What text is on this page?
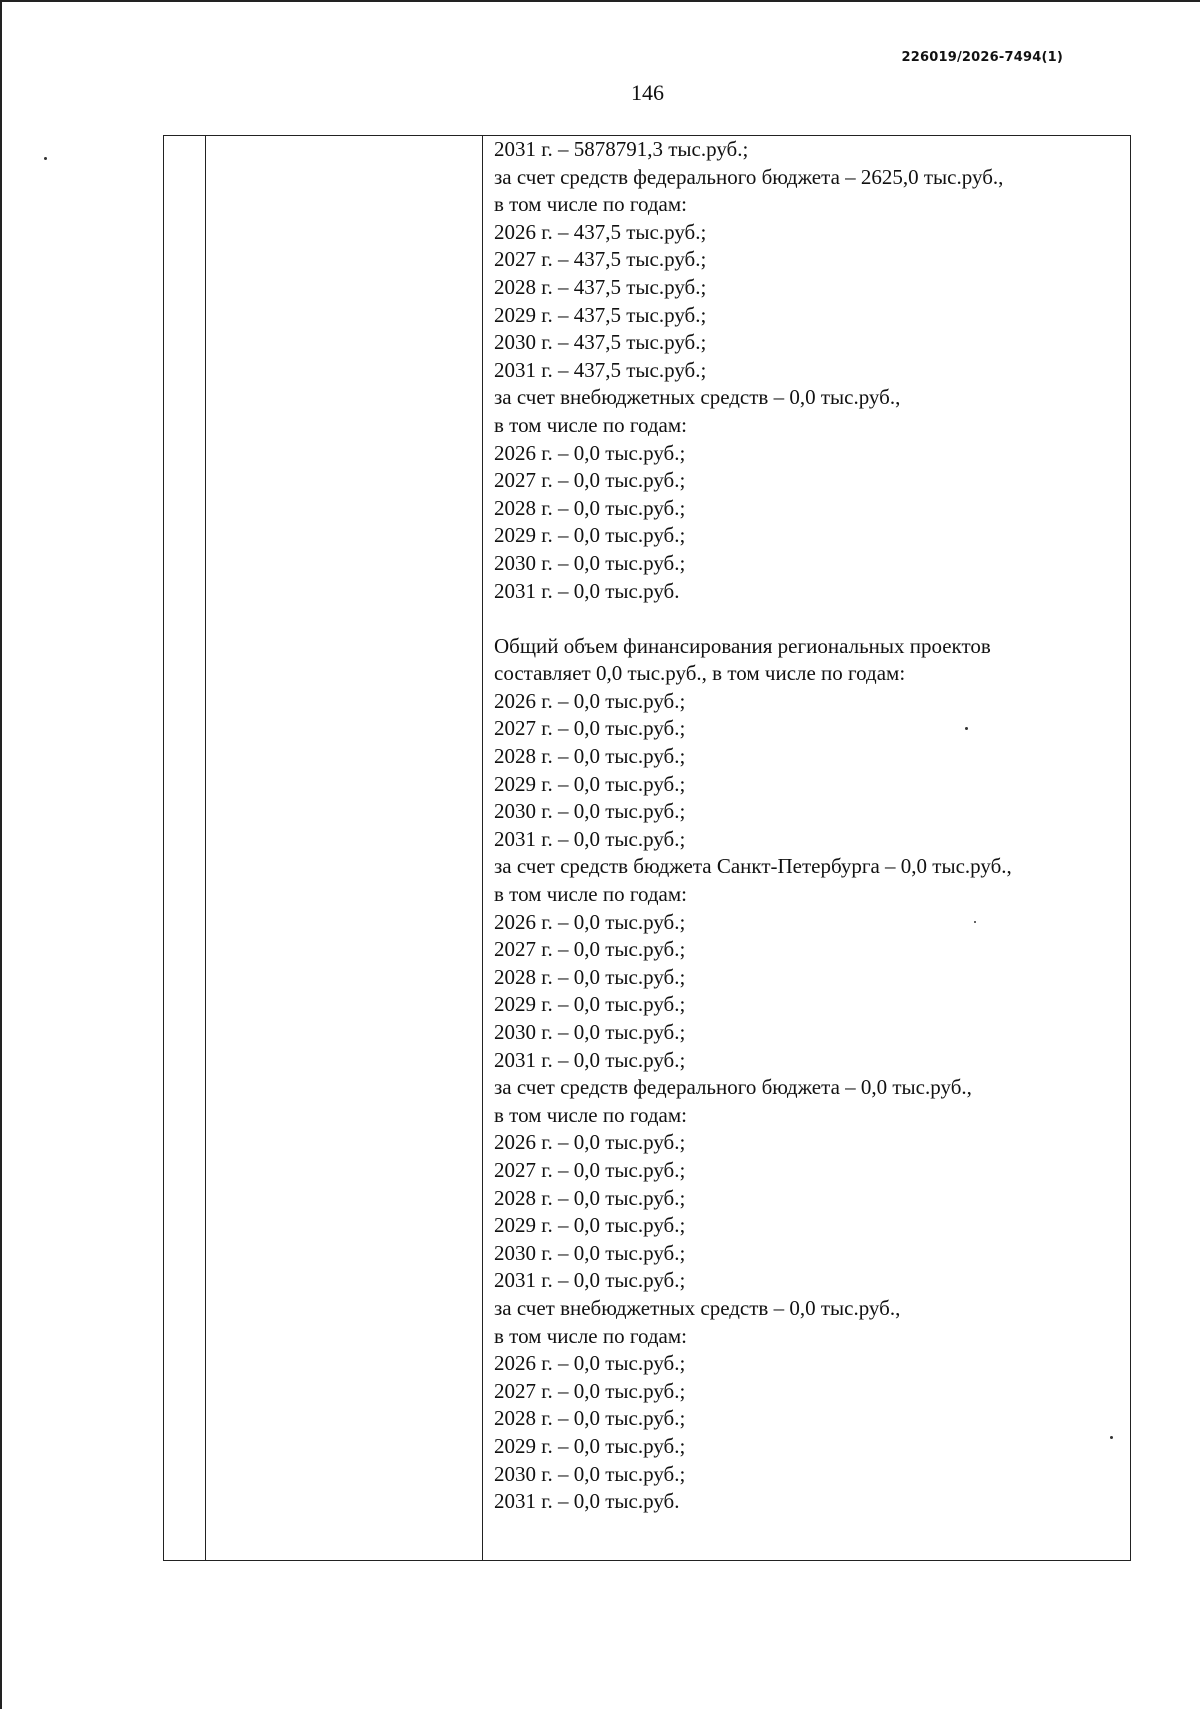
226019/2026-7494(1)
146
2031 г. – 5878791,3 тыс.руб.;
за счет средств федерального бюджета – 2625,0 тыс.руб.,
в том числе по годам:
2026 г. – 437,5 тыс.руб.;
2027 г. – 437,5 тыс.руб.;
2028 г. – 437,5 тыс.руб.;
2029 г. – 437,5 тыс.руб.;
2030 г. – 437,5 тыс.руб.;
2031 г. – 437,5 тыс.руб.;
за счет внебюджетных средств – 0,0 тыс.руб.,
в том числе по годам:
2026 г. – 0,0 тыс.руб.;
2027 г. – 0,0 тыс.руб.;
2028 г. – 0,0 тыс.руб.;
2029 г. – 0,0 тыс.руб.;
2030 г. – 0,0 тыс.руб.;
2031 г. – 0,0 тыс.руб.
Общий объем финансирования региональных проектов
составляет 0,0 тыс.руб., в том числе по годам:
2026 г. – 0,0 тыс.руб.;
2027 г. – 0,0 тыс.руб.;
2028 г. – 0,0 тыс.руб.;
2029 г. – 0,0 тыс.руб.;
2030 г. – 0,0 тыс.руб.;
2031 г. – 0,0 тыс.руб.;
за счет средств бюджета Санкт-Петербурга – 0,0 тыс.руб.,
в том числе по годам:
2026 г. – 0,0 тыс.руб.;
2027 г. – 0,0 тыс.руб.;
2028 г. – 0,0 тыс.руб.;
2029 г. – 0,0 тыс.руб.;
2030 г. – 0,0 тыс.руб.;
2031 г. – 0,0 тыс.руб.;
за счет средств федерального бюджета – 0,0 тыс.руб.,
в том числе по годам:
2026 г. – 0,0 тыс.руб.;
2027 г. – 0,0 тыс.руб.;
2028 г. – 0,0 тыс.руб.;
2029 г. – 0,0 тыс.руб.;
2030 г. – 0,0 тыс.руб.;
2031 г. – 0,0 тыс.руб.;
за счет внебюджетных средств – 0,0 тыс.руб.,
в том числе по годам:
2026 г. – 0,0 тыс.руб.;
2027 г. – 0,0 тыс.руб.;
2028 г. – 0,0 тыс.руб.;
2029 г. – 0,0 тыс.руб.;
2030 г. – 0,0 тыс.руб.;
2031 г. – 0,0 тыс.руб.
